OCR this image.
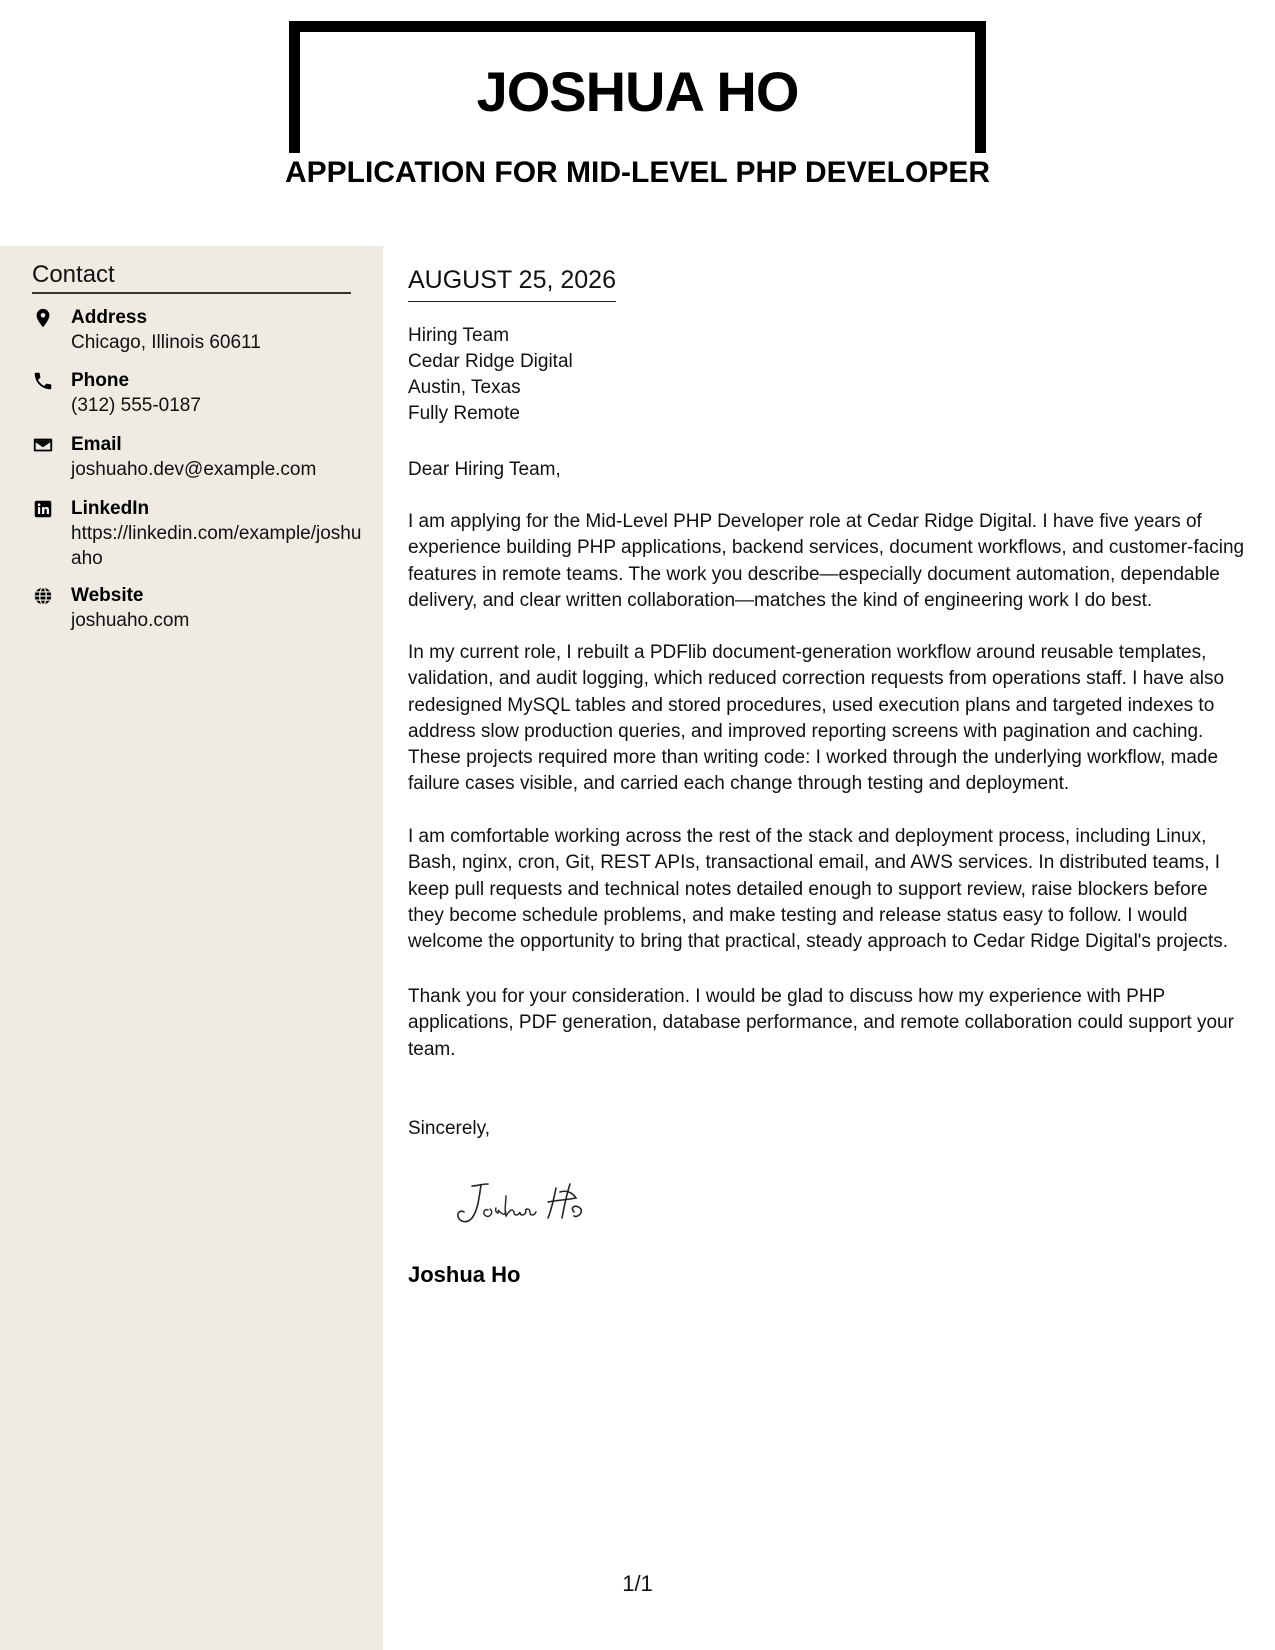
JOSHUA HO
APPLICATION FOR MID-LEVEL PHP DEVELOPER
Contact
Address
Chicago, Illinois 60611
Phone
(312) 555-0187
Email
joshuaho.dev@example.com
LinkedIn
https://linkedin.com/example/joshuaho
Website
joshuaho.com
AUGUST 25, 2026
Hiring Team
Cedar Ridge Digital
Austin, Texas
Fully Remote
Dear Hiring Team,
I am applying for the Mid-Level PHP Developer role at Cedar Ridge Digital. I have five years of experience building PHP applications, backend services, document workflows, and customer-facing features in remote teams. The work you describe—especially document automation, dependable delivery, and clear written collaboration—matches the kind of engineering work I do best.
In my current role, I rebuilt a PDFlib document-generation workflow around reusable templates, validation, and audit logging, which reduced correction requests from operations staff. I have also redesigned MySQL tables and stored procedures, used execution plans and targeted indexes to address slow production queries, and improved reporting screens with pagination and caching. These projects required more than writing code: I worked through the underlying workflow, made failure cases visible, and carried each change through testing and deployment.
I am comfortable working across the rest of the stack and deployment process, including Linux, Bash, nginx, cron, Git, REST APIs, transactional email, and AWS services. In distributed teams, I keep pull requests and technical notes detailed enough to support review, raise blockers before they become schedule problems, and make testing and release status easy to follow. I would welcome the opportunity to bring that practical, steady approach to Cedar Ridge Digital's projects.
Thank you for your consideration. I would be glad to discuss how my experience with PHP applications, PDF generation, database performance, and remote collaboration could support your team.
Sincerely,
Joshua Ho
1/1
